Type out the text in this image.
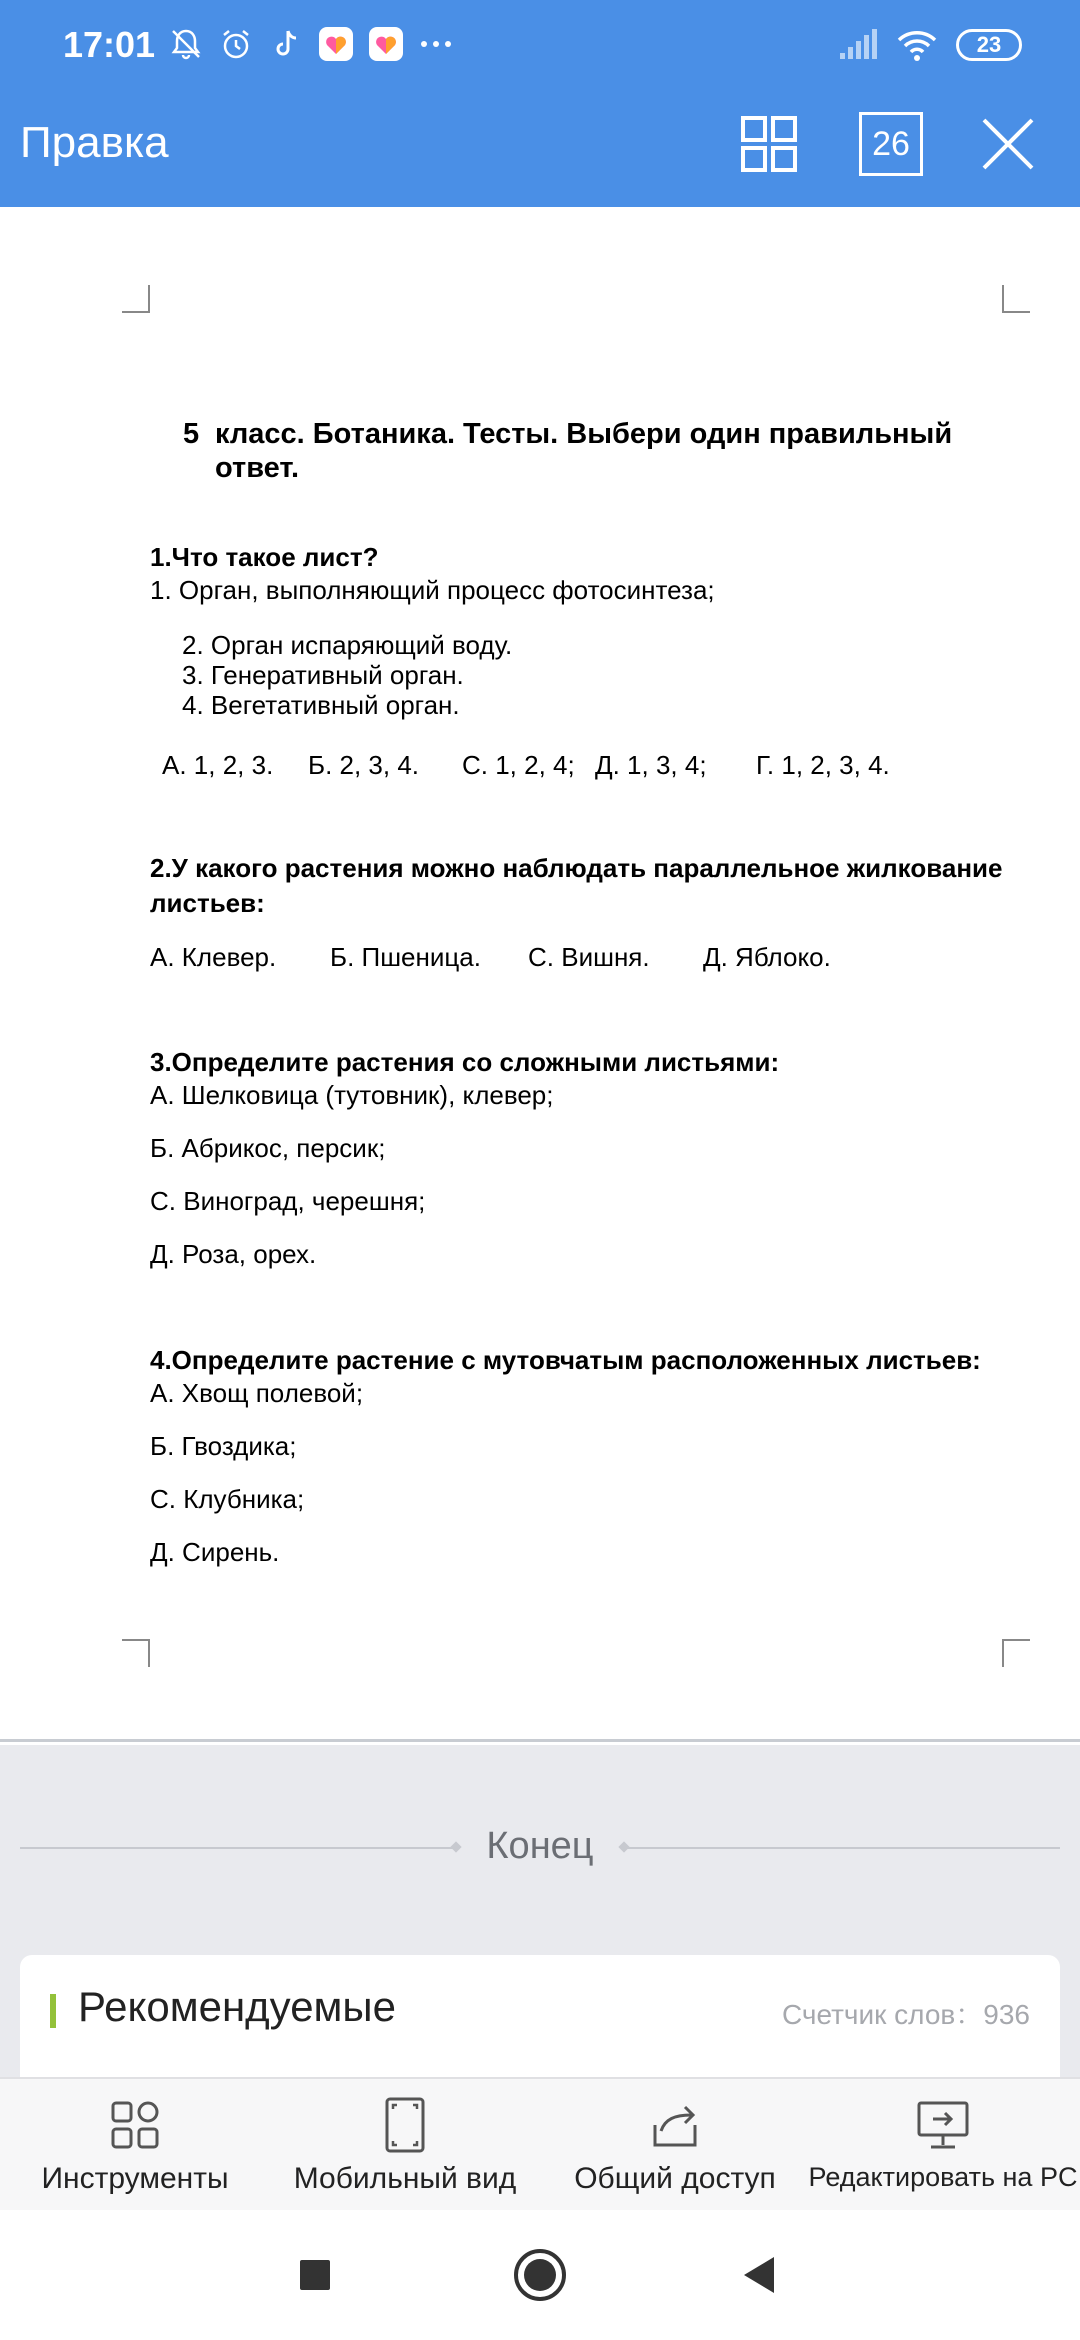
17:01	23
Правка	26
5 класс. Ботаника. Тесты. Выбери один правильный ответ.
1.Что такое лист?
1. Орган, выполняющий процесс фотосинтеза;
2. Орган испаряющий воду.
3. Генеративный орган.
4. Вегетативный орган.
А. 1, 2, 3. Б. 2, 3, 4. С. 1, 2, 4; Д. 1, 3, 4; Г. 1, 2, 3, 4.
2.У какого растения можно наблюдать параллельное жилкование
листьев:
А. Клевер. Б. Пшеница. С. Вишня. Д. Яблоко.
3.Определите растения со сложными листьями:
А. Шелковица (тутовник), клевер;
Б. Абрикос, персик;
С. Виноград, черешня;
Д. Роза, орех.
4.Определите растение с мутовчатым расположенных листьев:
А. Хвощ полевой;
Б. Гвоздика;
С. Клубника;
Д. Сирень.
Конец
Рекомендуемые	Счетчик слов：936
Инструменты	Мобильный вид	Общий доступ	Редактировать на PC
